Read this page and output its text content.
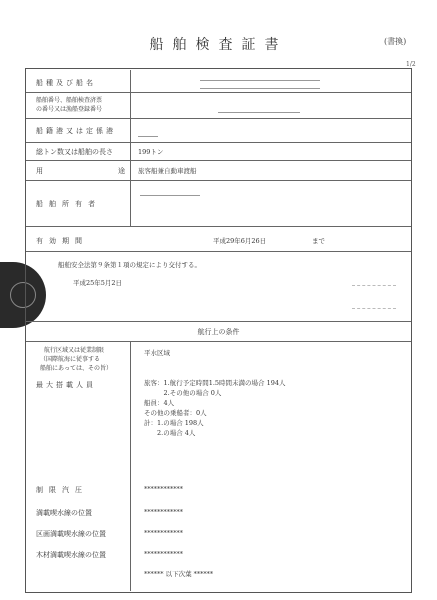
船舶検査証書	(書換)
1/2
船種及び船名
船舶番号、船舶検査済票
の番号又は漁船登録番号
船籍港又は定係港
総トン数又は船舶の長さ	199トン
用	途 旅客船兼自動車渡船
船舶所有者
有効期間	平成29年6月26日	まで
船舶安全法第９条第１項の規定により交付する。
平成25年5月2日
航行上の条件
航行区域又は従業制限
（国際航海に従事する
船舶にあっては、その旨）
平水区域
最大搭載人員	旅客：1.航行予定時間1.5時間未満の場合 194人
　　　2.その他の場合 0人
船員：4人
その他の乗船者：0人
計：1.の場合 198人
　　2.の場合 4人
制限汽圧	************
満載喫水線の位置	************
区画満載喫水線の位置	************
木材満載喫水線の位置	************
****** 以下次葉 ******
